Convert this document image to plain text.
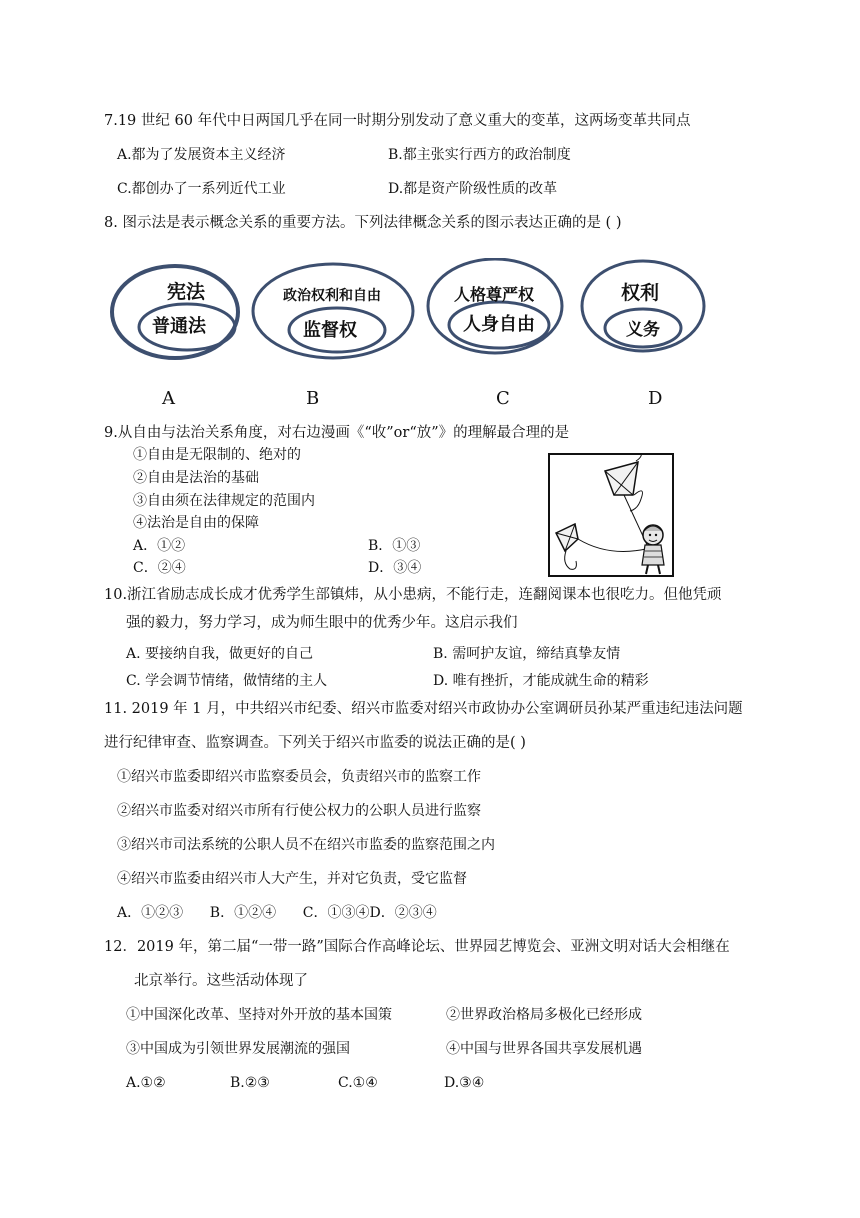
7.19 世纪 60 年代中日两国几乎在同一时期分别发动了意义重大的变革，这两场变革共同点
A.都为了发展资本主义经济	B.都主张实行西方的政治制度
C.都创办了一系列近代工业	D.都是资产阶级性质的改革
8. 图示法是表示概念关系的重要方法。下列法律概念关系的图示表达正确的是 ( )
宪法
普通法
政治权利和自由
监督权
人格尊严权
人身自由
权利
义务
A	B	C	D
9.从自由与法治关系角度，对右边漫画《“收”or“放”》的理解最合理的是
①自由是无限制的、绝对的
②自由是法治的基础
③自由须在法律规定的范围内
④法治是自由的保障
A．①②	B．①③
C．②④	D．③④
10.浙江省励志成长成才优秀学生部镇炜，从小患病，不能行走，连翻阅课本也很吃力。但他凭顽
强的毅力，努力学习，成为师生眼中的优秀少年。这启示我们
A. 要接纳自我，做更好的自己	B. 需呵护友谊，缔结真挚友情
C. 学会调节情绪，做情绪的主人	D. 唯有挫折，才能成就生命的精彩
11. 2019 年 1 月，中共绍兴市纪委、绍兴市监委对绍兴市政协办公室调研员孙某严重违纪违法问题
进行纪律审查、监察调查。下列关于绍兴市监委的说法正确的是( )
①绍兴市监委即绍兴市监察委员会，负责绍兴市的监察工作
②绍兴市监委对绍兴市所有行使公权力的公职人员进行监察
③绍兴市司法系统的公职人员不在绍兴市监委的监察范围之内
④绍兴市监委由绍兴市人大产生，并对它负责，受它监督
A．①②③      B．①②④      C．①③④D．②③④
12．2019 年，第二届“一带一路”国际合作高峰论坛、世界园艺博览会、亚洲文明对话大会相继在
北京举行。这些活动体现了
①中国深化改革、坚持对外开放的基本国策	②世界政治格局多极化已经形成
③中国成为引领世界发展潮流的强国	④中国与世界各国共享发展机遇
A.①②	B.②③	C.①④	D.③④
